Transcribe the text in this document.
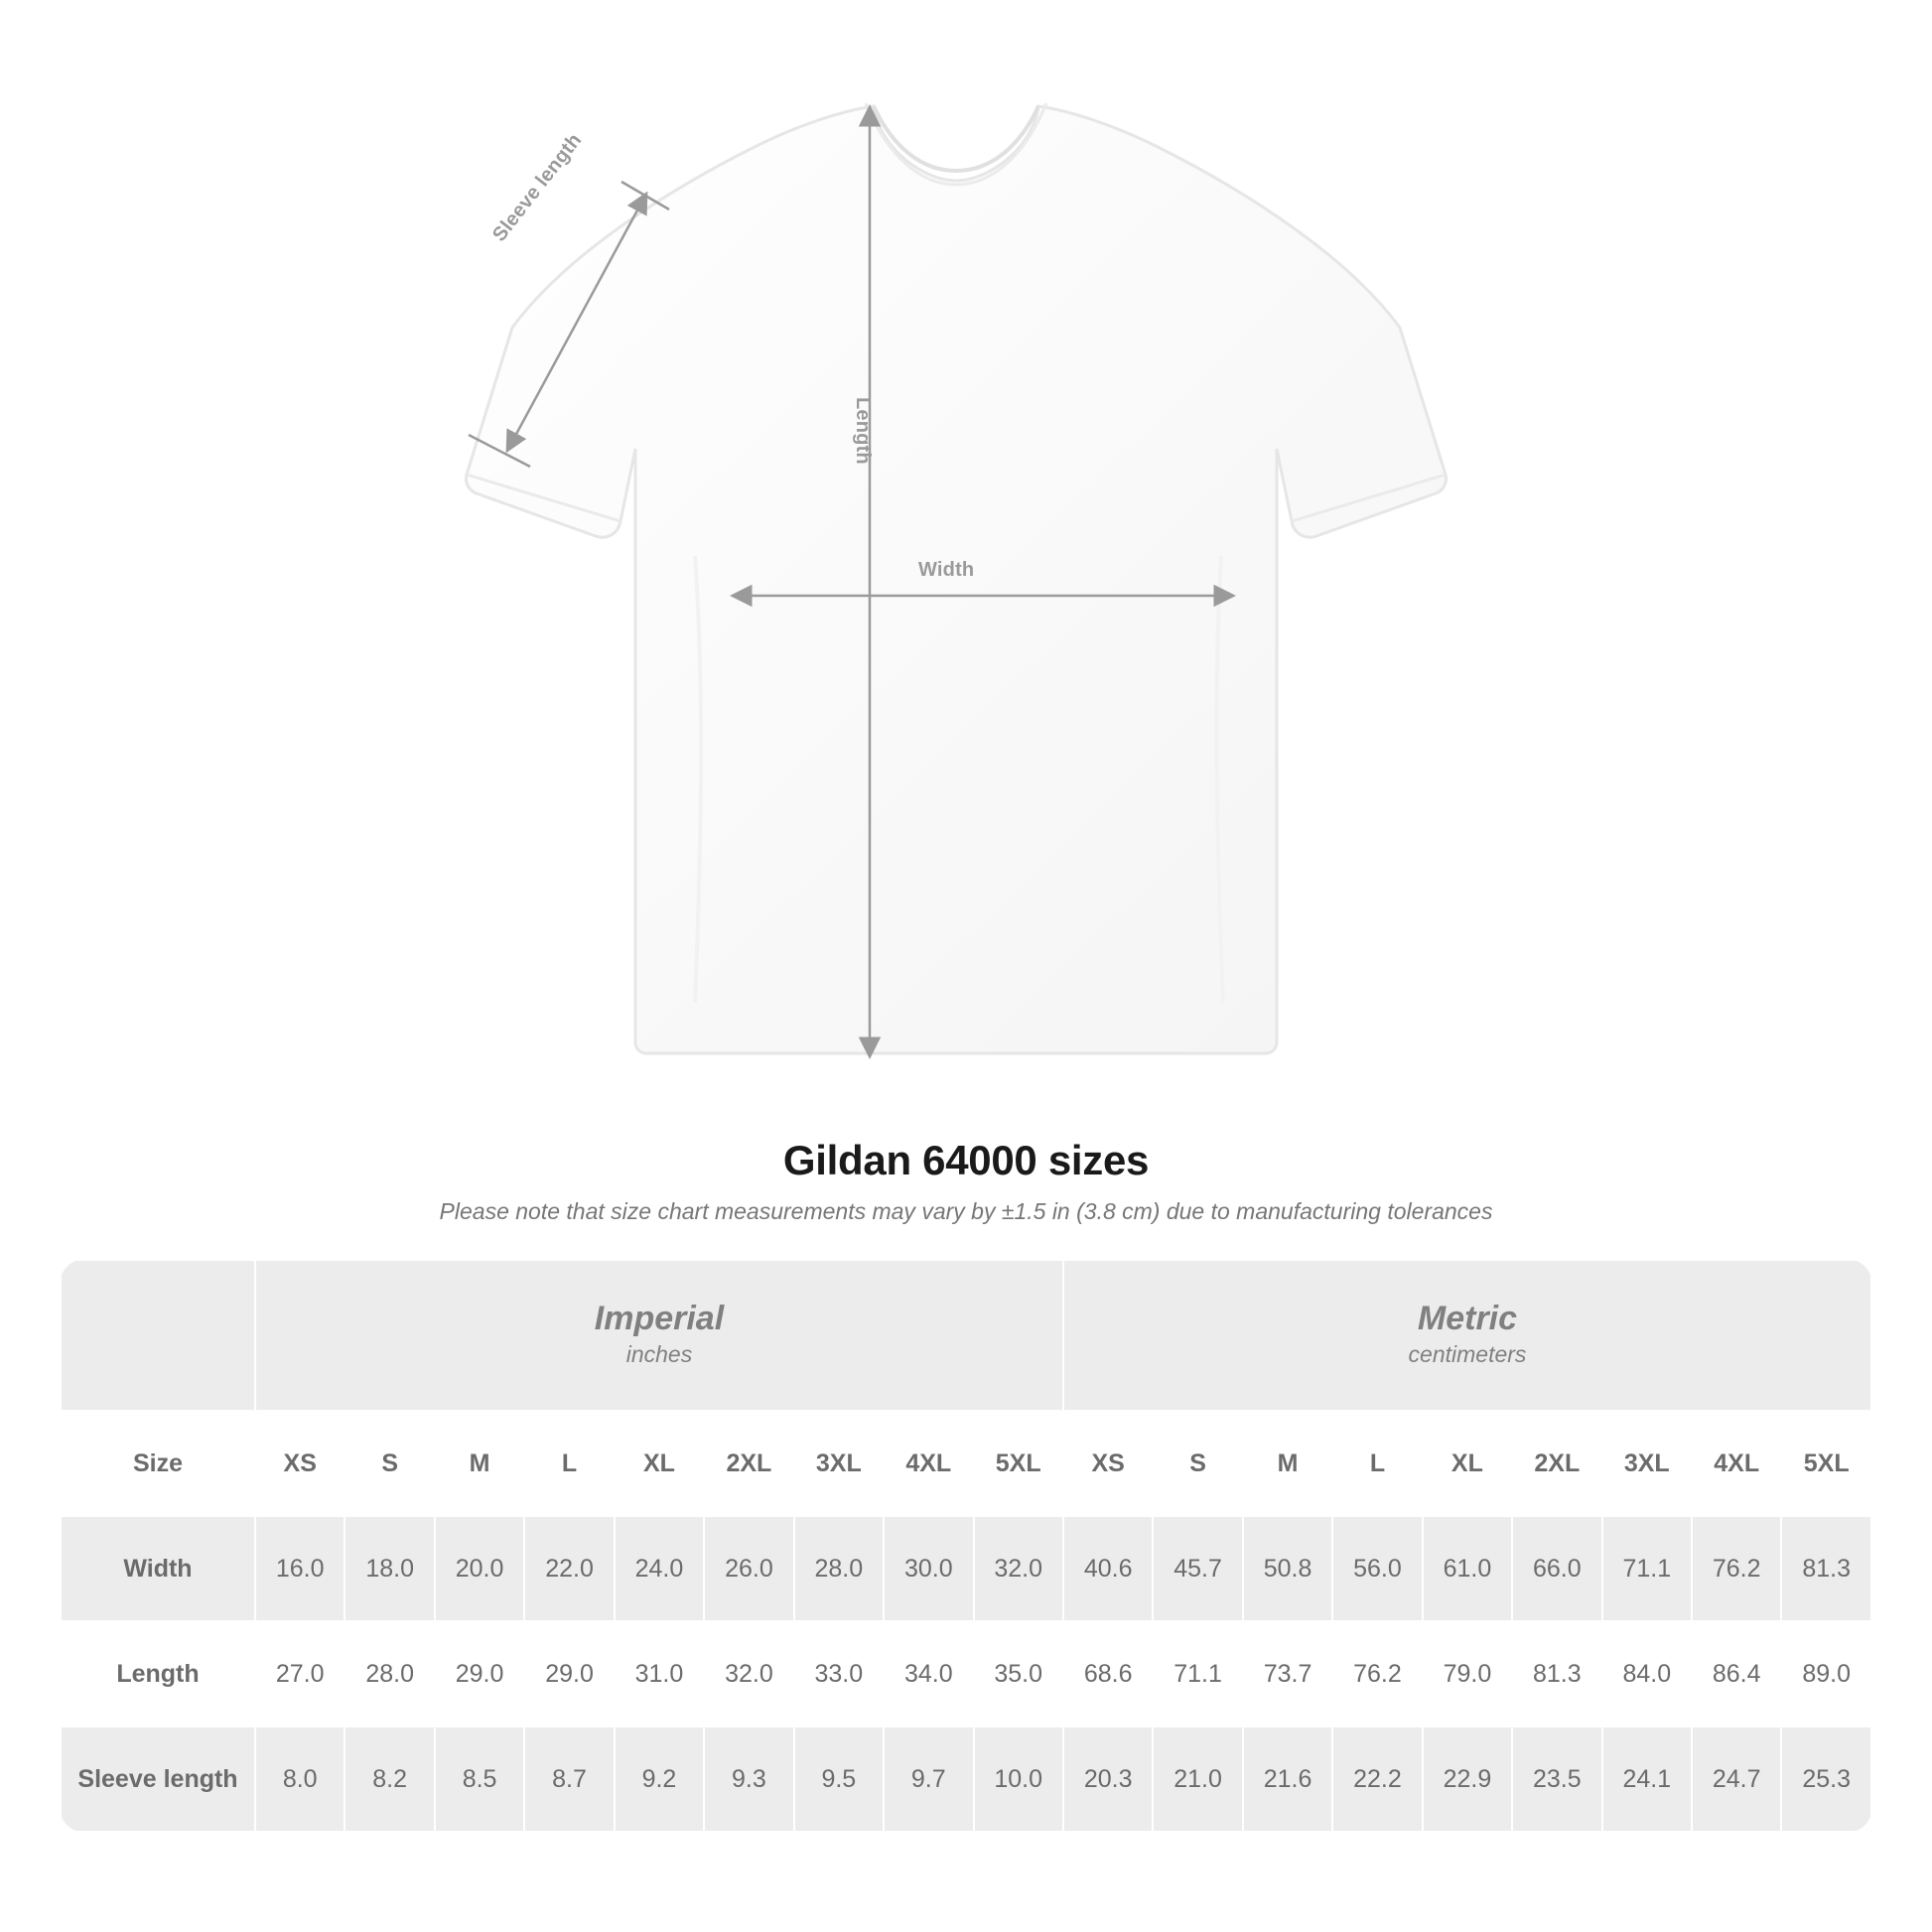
Width
Length
Sleeve length
Gildan 64000 sizes

Please note that size chart measurements may vary by ±1.5 in (3.8 cm) due to manufacturing tolerances

Imperial
inches

Metric
centimeters

Size	XS	S	M	L	XL	2XL	3XL	4XL	5XL	XS	S	M	L	XL	2XL	3XL	4XL	5XL
Width	16.0	18.0	20.0	22.0	24.0	26.0	28.0	30.0	32.0	40.6	45.7	50.8	56.0	61.0	66.0	71.1	76.2	81.3
Length	27.0	28.0	29.0	29.0	31.0	32.0	33.0	34.0	35.0	68.6	71.1	73.7	76.2	79.0	81.3	84.0	86.4	89.0
Sleeve length	8.0	8.2	8.5	8.7	9.2	9.3	9.5	9.7	10.0	20.3	21.0	21.6	22.2	22.9	23.5	24.1	24.7	25.3
